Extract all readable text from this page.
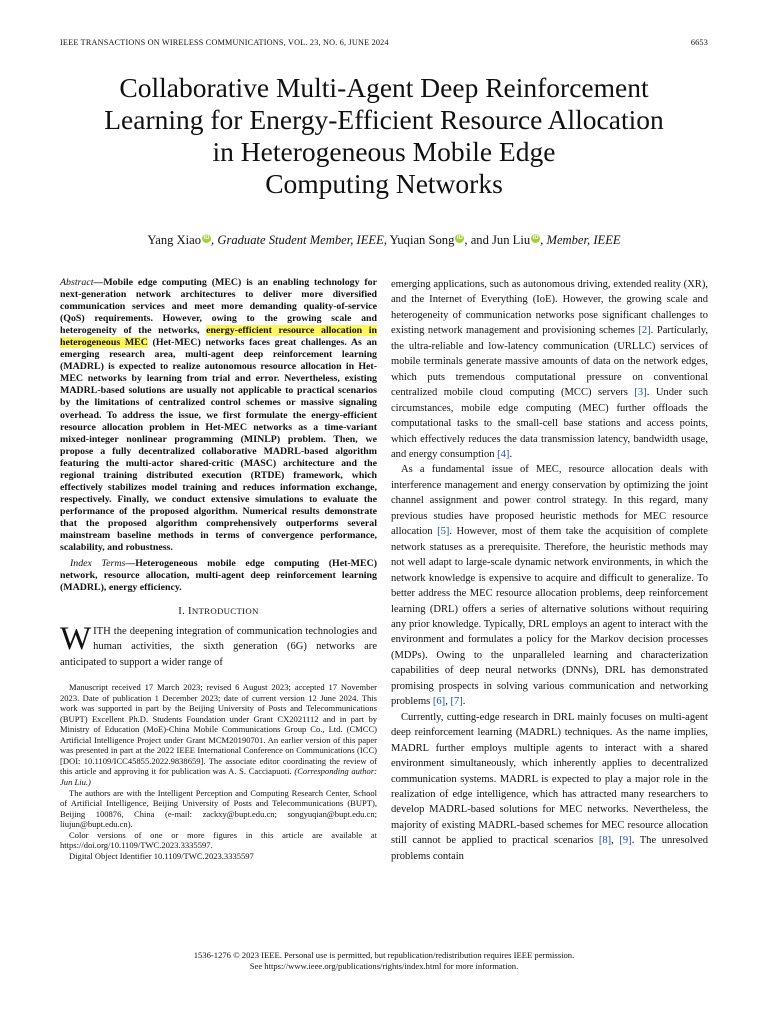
IEEE TRANSACTIONS ON WIRELESS COMMUNICATIONS, VOL. 23, NO. 6, JUNE 2024	6653
Collaborative Multi-Agent Deep Reinforcement
Learning for Energy-Efficient Resource Allocation
in Heterogeneous Mobile Edge
Computing Networks
Yang Xiao iD , Graduate Student Member, IEEE, Yuqian Song iD , and Jun Liu iD , Member, IEEE

Abstract—Mobile edge computing (MEC) is an enabling technology for next-generation network architectures to deliver more diversified communication services and meet more demanding quality-of-service (QoS) requirements. However, owing to the growing scale and heterogeneity of the networks, energy-efficient resource allocation in heterogeneous MEC (Het-MEC) networks faces great challenges. As an emerging research area, multi-agent deep reinforcement learning (MADRL) is expected to realize autonomous resource allocation in Het-MEC networks by learning from trial and error. Nevertheless, existing MADRL-based solutions are usually not applicable to practical scenarios by the limitations of centralized control schemes or massive signaling overhead. To address the issue, we first formulate the energy-efficient resource allocation problem in Het-MEC networks as a time-variant mixed-integer nonlinear programming (MINLP) problem. Then, we propose a fully decentralized collaborative MADRL-based algorithm featuring the multi-actor shared-critic (MASC) architecture and the regional training distributed execution (RTDE) framework, which effectively stabilizes model training and reduces information exchange, respectively. Finally, we conduct extensive simulations to evaluate the performance of the proposed algorithm. Numerical results demonstrate that the proposed algorithm comprehensively outperforms several mainstream baseline methods in terms of convergence performance, scalability, and robustness.

Index Terms—Heterogeneous mobile edge computing (Het-MEC) network, resource allocation, multi-agent deep reinforcement learning (MADRL), energy efficiency.

I. INTRODUCTION

WITH the deepening integration of communication technologies and human activities, the sixth generation (6G) networks are anticipated to support a wider range of

Manuscript received 17 March 2023; revised 6 August 2023; accepted 17 November 2023. Date of publication 1 December 2023; date of current version 12 June 2024. This work was supported in part by the Beijing University of Posts and Telecommunications (BUPT) Excellent Ph.D. Students Foundation under Grant CX2021112 and in part by Ministry of Education (MoE)-China Mobile Communications Group Co., Ltd. (CMCC) Artificial Intelligence Project under Grant MCM20190701. An earlier version of this paper was presented in part at the 2022 IEEE International Conference on Communications (ICC) [DOI: 10.1109/ICC45855.2022.9838659]. The associate editor coordinating the review of this article and approving it for publication was A. S. Cacciapuoti. (Corresponding author: Jun Liu.)

The authors are with the Intelligent Perception and Computing Research Center, School of Artificial Intelligence, Beijing University of Posts and Telecommunications (BUPT), Beijing 100876, China (e-mail: zackxy@bupt.edu.cn; songyuqian@bupt.edu.cn; liujun@bupt.edu.cn).

Color versions of one or more figures in this article are available at https://doi.org/10.1109/TWC.2023.3335597.

Digital Object Identifier 10.1109/TWC.2023.3335597

emerging applications, such as autonomous driving, extended reality (XR), and the Internet of Everything (IoE). However, the growing scale and heterogeneity of communication networks pose significant challenges to existing network management and provisioning schemes [2]. Particularly, the ultra-reliable and low-latency communication (URLLC) services of mobile terminals generate massive amounts of data on the network edges, which puts tremendous computational pressure on conventional centralized mobile cloud computing (MCC) servers [3]. Under such circumstances, mobile edge computing (MEC) further offloads the computational tasks to the small-cell base stations and access points, which effectively reduces the data transmission latency, bandwidth usage, and energy consumption [4].

As a fundamental issue of MEC, resource allocation deals with interference management and energy conservation by optimizing the joint channel assignment and power control strategy. In this regard, many previous studies have proposed heuristic methods for MEC resource allocation [5]. However, most of them take the acquisition of complete network statuses as a prerequisite. Therefore, the heuristic methods may not well adapt to large-scale dynamic network environments, in which the network knowledge is expensive to acquire and difficult to generalize. To better address the MEC resource allocation problems, deep reinforcement learning (DRL) offers a series of alternative solutions without requiring any prior knowledge. Typically, DRL employs an agent to interact with the environment and formulates a policy for the Markov decision processes (MDPs). Owing to the unparalleled learning and characterization capabilities of deep neural networks (DNNs), DRL has demonstrated promising prospects in solving various communication and networking problems [6], [7].

Currently, cutting-edge research in DRL mainly focuses on multi-agent deep reinforcement learning (MADRL) techniques. As the name implies, MADRL further employs multiple agents to interact with a shared environment simultaneously, which inherently applies to decentralized communication systems. MADRL is expected to play a major role in the realization of edge intelligence, which has attracted many researchers to develop MADRL-based solutions for MEC networks. Nevertheless, the majority of existing MADRL-based schemes for MEC resource allocation still cannot be applied to practical scenarios [8], [9]. The unresolved problems contain

1536-1276 © 2023 IEEE. Personal use is permitted, but republication/redistribution requires IEEE permission.
See https://www.ieee.org/publications/rights/index.html for more information.
